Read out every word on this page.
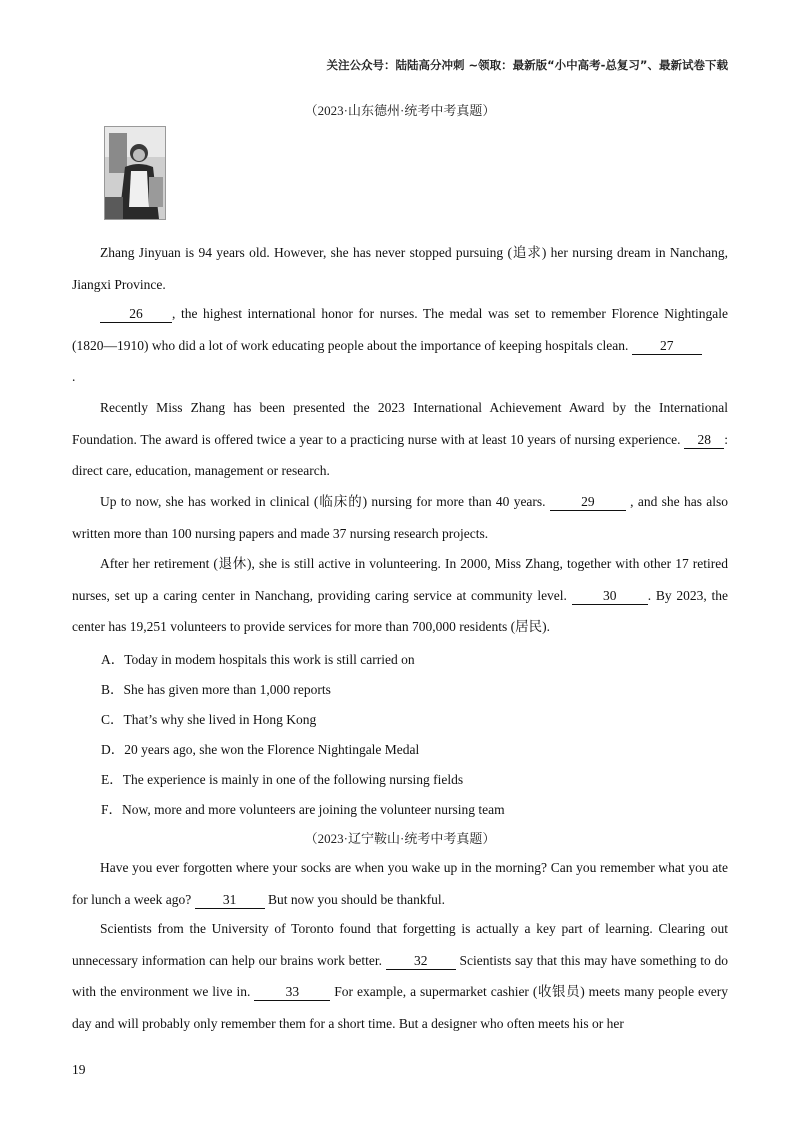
关注公众号：陆陆高分冲刺 ~领取：最新版“小中高考-总复习”、最新试卷下载
（2023·山东德州·统考中考真题）
Zhang Jinyuan is 94 years old. However, she has never stopped pursuing (追求) her nursing dream in Nanchang, Jiangxi Province.
26 , the highest international honor for nurses. The medal was set to remember Florence Nightingale (1820—1910) who did a lot of work educating people about the importance of keeping hospitals clean. 27
.
Recently Miss Zhang has been presented the 2023 International Achievement Award by the International Foundation. The award is offered twice a year to a practicing nurse with at least 10 years of nursing experience. 28 : direct care, education, management or research.
Up to now, she has worked in clinical (临床的) nursing for more than 40 years. 29 , and she has also written more than 100 nursing papers and made 37 nursing research projects.
After her retirement (退休), she is still active in volunteering. In 2000, Miss Zhang, together with other 17 retired nurses, set up a caring center in Nanchang, providing caring service at community level. 30 . By 2023, the center has 19,251 volunteers to provide services for more than 700,000 residents (居民).
A．Today in modem hospitals this work is still carried on
B．She has given more than 1,000 reports
C．That’s why she lived in Hong Kong
D．20 years ago, she won the Florence Nightingale Medal
E．The experience is mainly in one of the following nursing fields
F．Now, more and more volunteers are joining the volunteer nursing team
（2023·辽宁鞍山·统考中考真题）
Have you ever forgotten where your socks are when you wake up in the morning? Can you remember what you ate for lunch a week ago? 31 But now you should be thankful.
Scientists from the University of Toronto found that forgetting is actually a key part of learning. Clearing out unnecessary information can help our brains work better. 32 Scientists say that this may have something to do with the environment we live in. 33 For example, a supermarket cashier (收银员) meets many people every day and will probably only remember them for a short time. But a designer who often meets his or her
19
